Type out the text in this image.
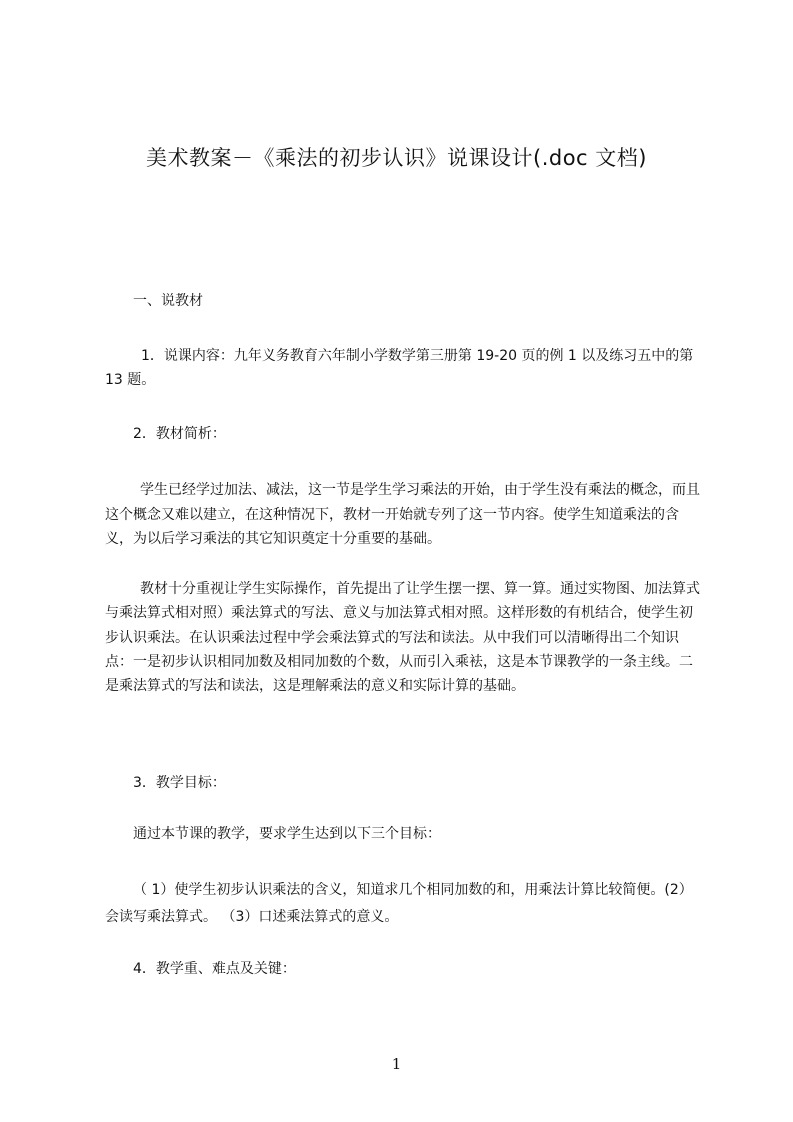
美术教案－《乘法的初步认识》说课设计(.doc 文档)
一、说教材

1．说课内容：九年义务教育六年制小学数学第三册第 19-20 页的例 1 以及练习五中的第 13 题。

2．教材简析：

学生已经学过加法、减法，这一节是学生学习乘法的开始，由于学生没有乘法的概念，而且这个概念又难以建立，在这种情况下，教材一开始就专列了这一节内容。使学生知道乘法的含义，为以后学习乘法的其它知识奠定十分重要的基础。

教材十分重视让学生实际操作，首先提出了让学生摆一摆、算一算。通过实物图、加法算式与乘法算式相对照）乘法算式的写法、意义与加法算式相对照。这样形数的有机结合，使学生初步认识乘法。在认识乘法过程中学会乘法算式的写法和读法。从中我们可以清晰得出二个知识点：一是初步认识相同加数及相同加数的个数，从而引入乘袪，这是本节课教学的一条主线。二是乘法算式的写法和读法，这是理解乘法的意义和实际计算的基础。

3．教学目标：
通过本节课的教学，要求学生达到以下三个目标：

（ 1）使学生初步认识乘法的含义，知道求几个相同加数的和，用乘法计算比较简便。(2）会读写乘法算式。 （3）口述乘法算式的意义。

4．教学重、难点及关键：
1
